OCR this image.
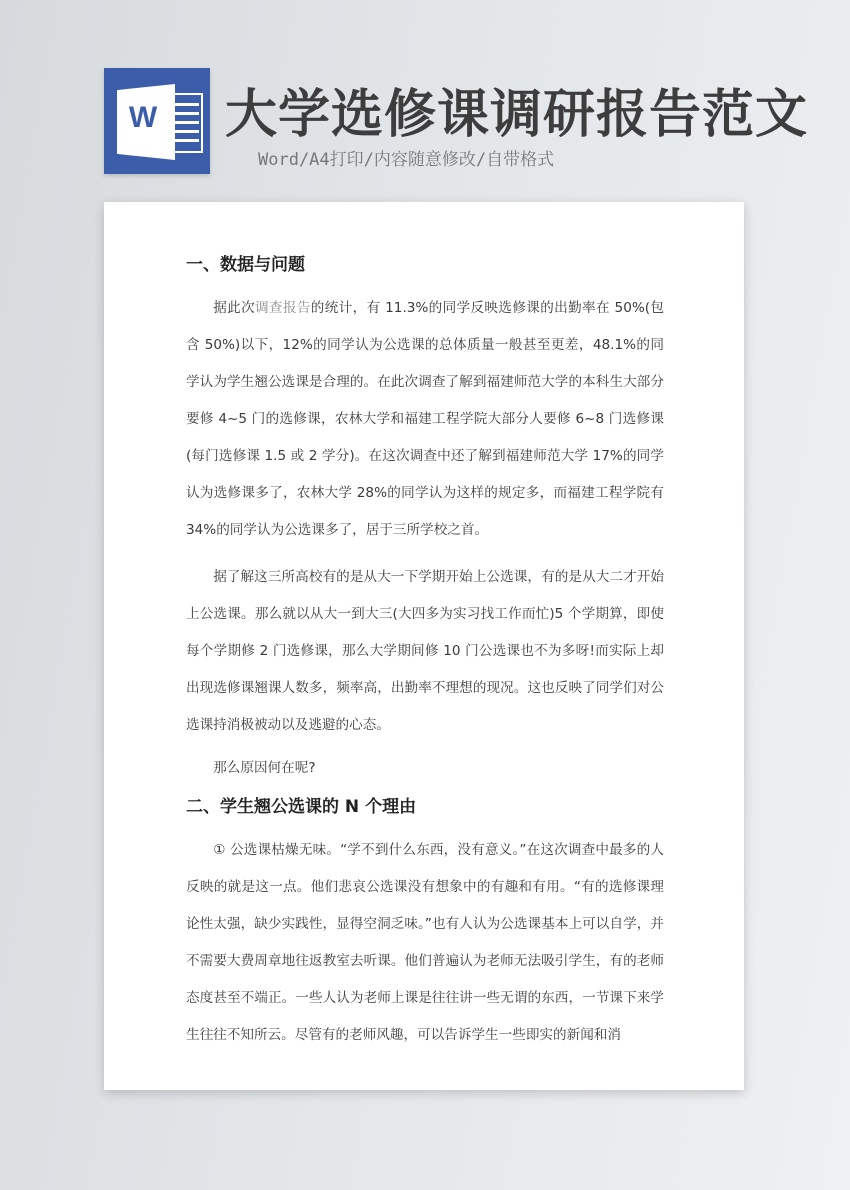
W 大学选修课调研报告范文
Word/A4打印/内容随意修改/自带格式
一、数据与问题

据此次调查报告的统计，有 11.3%的同学反映选修课的出勤率在 50%(包含 50%)以下，12%的同学认为公选课的总体质量一般甚至更差，48.1%的同学认为学生翘公选课是合理的。在此次调查了解到福建师范大学的本科生大部分要修 4~5 门的选修课，农林大学和福建工程学院大部分人要修 6~8 门选修课(每门选修课 1.5 或 2 学分)。在这次调查中还了解到福建师范大学 17%的同学认为选修课多了，农林大学 28%的同学认为这样的规定多，而福建工程学院有 34%的同学认为公选课多了，居于三所学校之首。

据了解这三所高校有的是从大一下学期开始上公选课，有的是从大二才开始上公选课。那么就以从大一到大三(大四多为实习找工作而忙)5 个学期算，即使每个学期修 2 门选修课，那么大学期间修 10 门公选课也不为多呀!而实际上却出现选修课翘课人数多，频率高，出勤率不理想的现况。这也反映了同学们对公选课持消极被动以及逃避的心态。

那么原因何在呢?

二、学生翘公选课的 N 个理由

① 公选课枯燥无味。“学不到什么东西，没有意义。”在这次调查中最多的人反映的就是这一点。他们悲哀公选课没有想象中的有趣和有用。“有的选修课理论性太强，缺少实践性，显得空洞乏味。”也有人认为公选课基本上可以自学，并不需要大费周章地往返教室去听课。他们普遍认为老师无法吸引学生，有的老师态度甚至不端正。一些人认为老师上课是往往讲一些无谓的东西，一节课下来学生往往不知所云。尽管有的老师风趣，可以告诉学生一些即实的新闻和消
